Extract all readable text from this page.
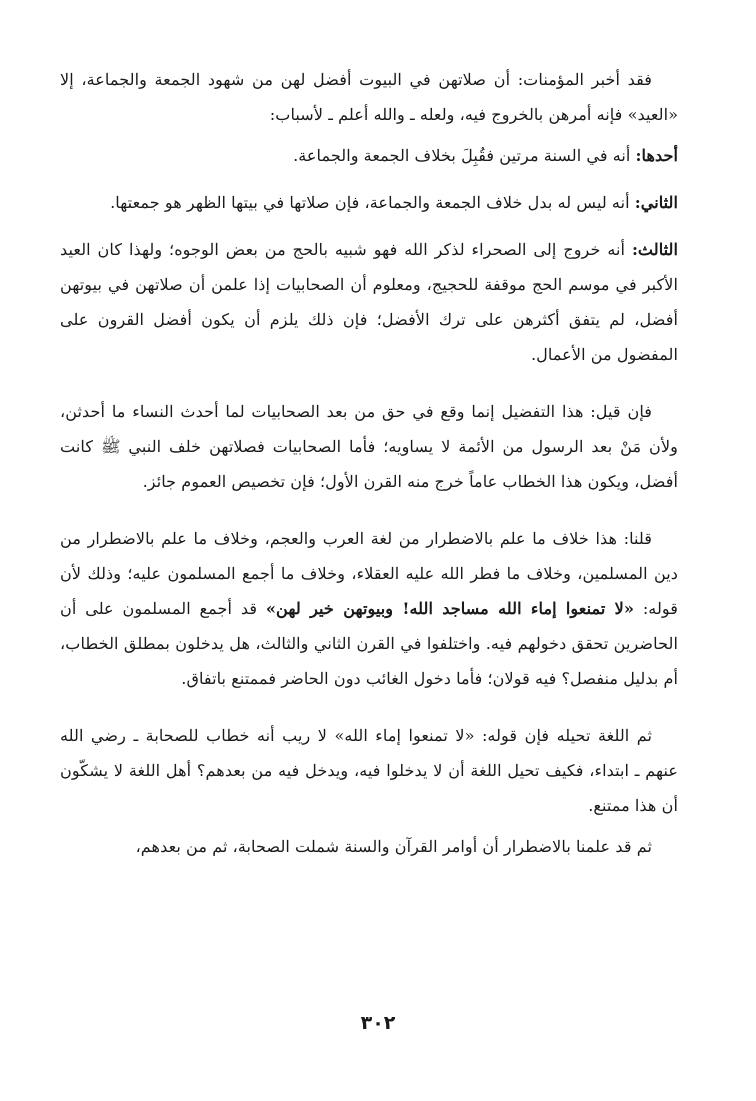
فقد أخبر المؤمنات: أن صلاتهن في البيوت أفضل لهن من شهود الجمعة والجماعة، إلا «العيد» فإنه أمرهن بالخروج فيه، ولعله ـ والله أعلم ـ لأسباب:

أحدها: أنه في السنة مرتين فقُبِلَ بخلاف الجمعة والجماعة.

الثاني: أنه ليس له بدل خلاف الجمعة والجماعة، فإن صلاتها في بيتها الظهر هو جمعتها.

الثالث: أنه خروج إلى الصحراء لذكر الله فهو شبيه بالحج من بعض الوجوه؛ ولهذا كان العيد الأكبر في موسم الحج موقفة للحجيج، ومعلوم أن الصحابيات إذا علمن أن صلاتهن في بيوتهن أفضل، لم يتفق أكثرهن على ترك الأفضل؛ فإن ذلك يلزم أن يكون أفضل القرون على المفضول من الأعمال.

فإن قيل: هذا التفضيل إنما وقع في حق من بعد الصحابيات لما أحدث النساء ما أحدثن، ولأن مَنْ بعد الرسول من الأئمة لا يساويه؛ فأما الصحابيات فصلاتهن خلف النبي ﷺ كانت أفضل، ويكون هذا الخطاب عاماً خرج منه القرن الأول؛ فإن تخصيص العموم جائز.

قلنا: هذا خلاف ما علم بالاضطرار من لغة العرب والعجم، وخلاف ما علم بالاضطرار من دين المسلمين، وخلاف ما فطر الله عليه العقلاء، وخلاف ما أجمع المسلمون عليه؛ وذلك لأن قوله: «لا تمنعوا إماء الله مساجد الله! وبيوتهن خير لهن» قد أجمع المسلمون على أن الحاضرين تحقق دخولهم فيه. واختلفوا في القرن الثاني والثالث، هل يدخلون بمطلق الخطاب، أم بدليل منفصل؟ فيه قولان؛ فأما دخول الغائب دون الحاضر فممتنع باتفاق.

ثم اللغة تحيله فإن قوله: «لا تمنعوا إماء الله» لا ريب أنه خطاب للصحابة ـ رضي الله عنهم ـ ابتداء، فكيف تحيل اللغة أن لا يدخلوا فيه، ويدخل فيه من بعدهم؟ أهل اللغة لا يشكّون أن هذا ممتنع.

ثم قد علمنا بالاضطرار أن أوامر القرآن والسنة شملت الصحابة، ثم من بعدهم،

٣٠٢
